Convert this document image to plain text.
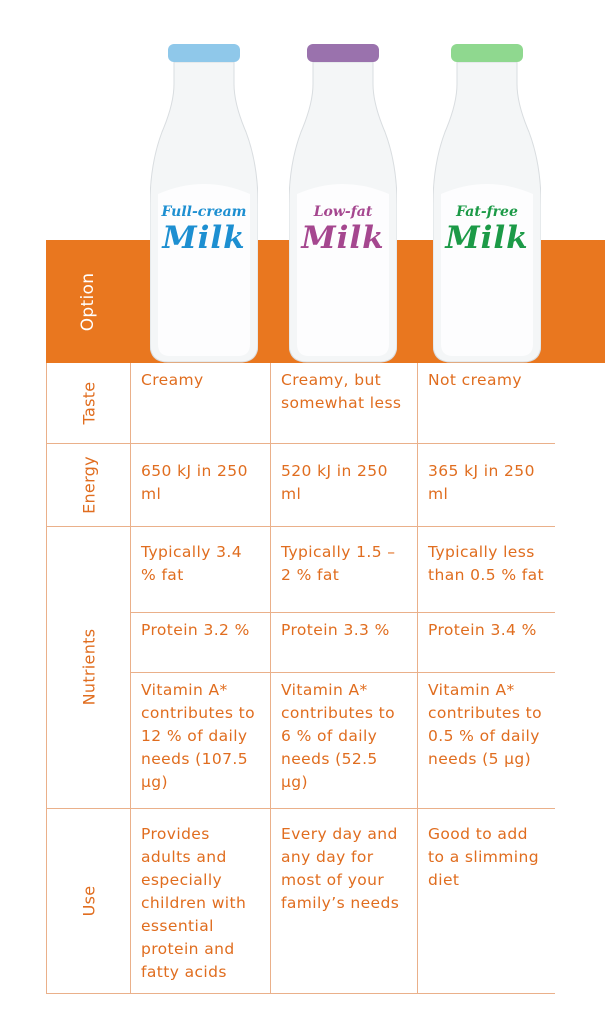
Option
Full-cream
Milk
Low-fat
Milk
Fat-free
Milk
Taste	Creamy	Creamy, but somewhat less	Not creamy

Energy	650 kJ in 250 ml	520 kJ in 250 ml	365 kJ in 250 ml

Nutrients	Typically 3.4 % fat	Typically 1.5 – 2 % fat	Typically less than 0.5 % fat
	Protein 3.2 %	Protein 3.3 %	Protein 3.4 %
	Vitamin A* contributes to 12 % of daily needs (107.5 µg)	Vitamin A* contributes to 6 % of daily needs (52.5 µg)	Vitamin A* contributes to 0.5 % of daily needs (5 µg)

Use	Provides adults and especially children with essential protein and fatty acids	Every day and any day for most of your family’s needs	Good to add to a slimming diet
